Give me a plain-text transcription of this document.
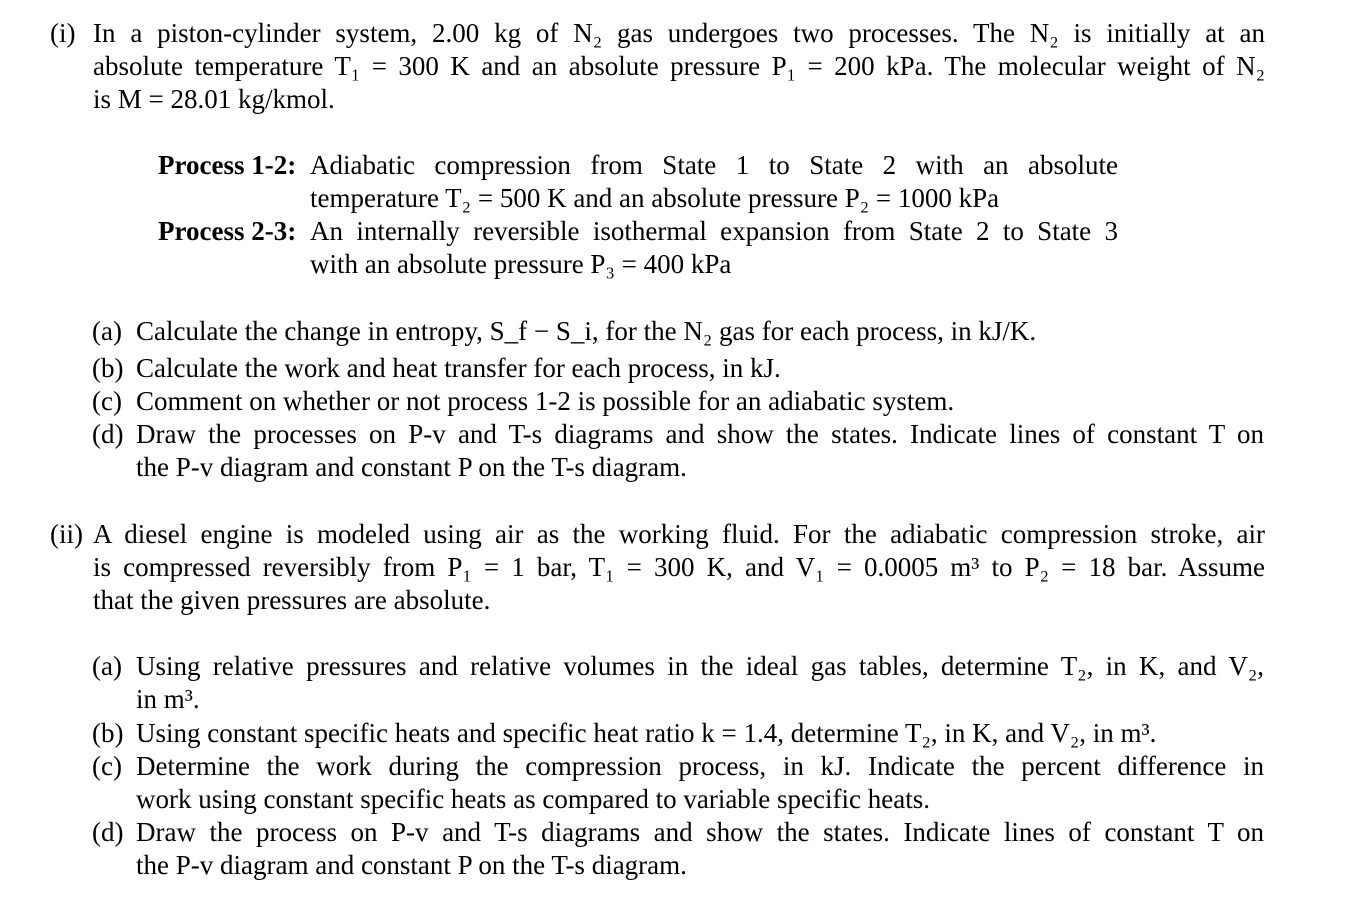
(i) In a piston-cylinder system, 2.00 kg of N₂ gas undergoes two processes. The N₂ is initially at an
absolute temperature T₁ = 300 K and an absolute pressure P₁ = 200 kPa. The molecular weight of N₂
is M = 28.01 kg/kmol.
Process 1-2: Adiabatic compression from State 1 to State 2 with an absolute
temperature T₂ = 500 K and an absolute pressure P₂ = 1000 kPa
Process 2-3: An internally reversible isothermal expansion from State 2 to State 3
with an absolute pressure P₃ = 400 kPa
(a) Calculate the change in entropy, S_f − S_i, for the N₂ gas for each process, in kJ/K.
(b) Calculate the work and heat transfer for each process, in kJ.
(c) Comment on whether or not process 1-2 is possible for an adiabatic system.
(d) Draw the processes on P-v and T-s diagrams and show the states. Indicate lines of constant T on
the P-v diagram and constant P on the T-s diagram.
(ii) A diesel engine is modeled using air as the working fluid. For the adiabatic compression stroke, air
is compressed reversibly from P₁ = 1 bar, T₁ = 300 K, and V₁ = 0.0005 m³ to P₂ = 18 bar. Assume
that the given pressures are absolute.
(a) Using relative pressures and relative volumes in the ideal gas tables, determine T₂, in K, and V₂,
in m³.
(b) Using constant specific heats and specific heat ratio k = 1.4, determine T₂, in K, and V₂, in m³.
(c) Determine the work during the compression process, in kJ. Indicate the percent difference in
work using constant specific heats as compared to variable specific heats.
(d) Draw the process on P-v and T-s diagrams and show the states. Indicate lines of constant T on
the P-v diagram and constant P on the T-s diagram.
